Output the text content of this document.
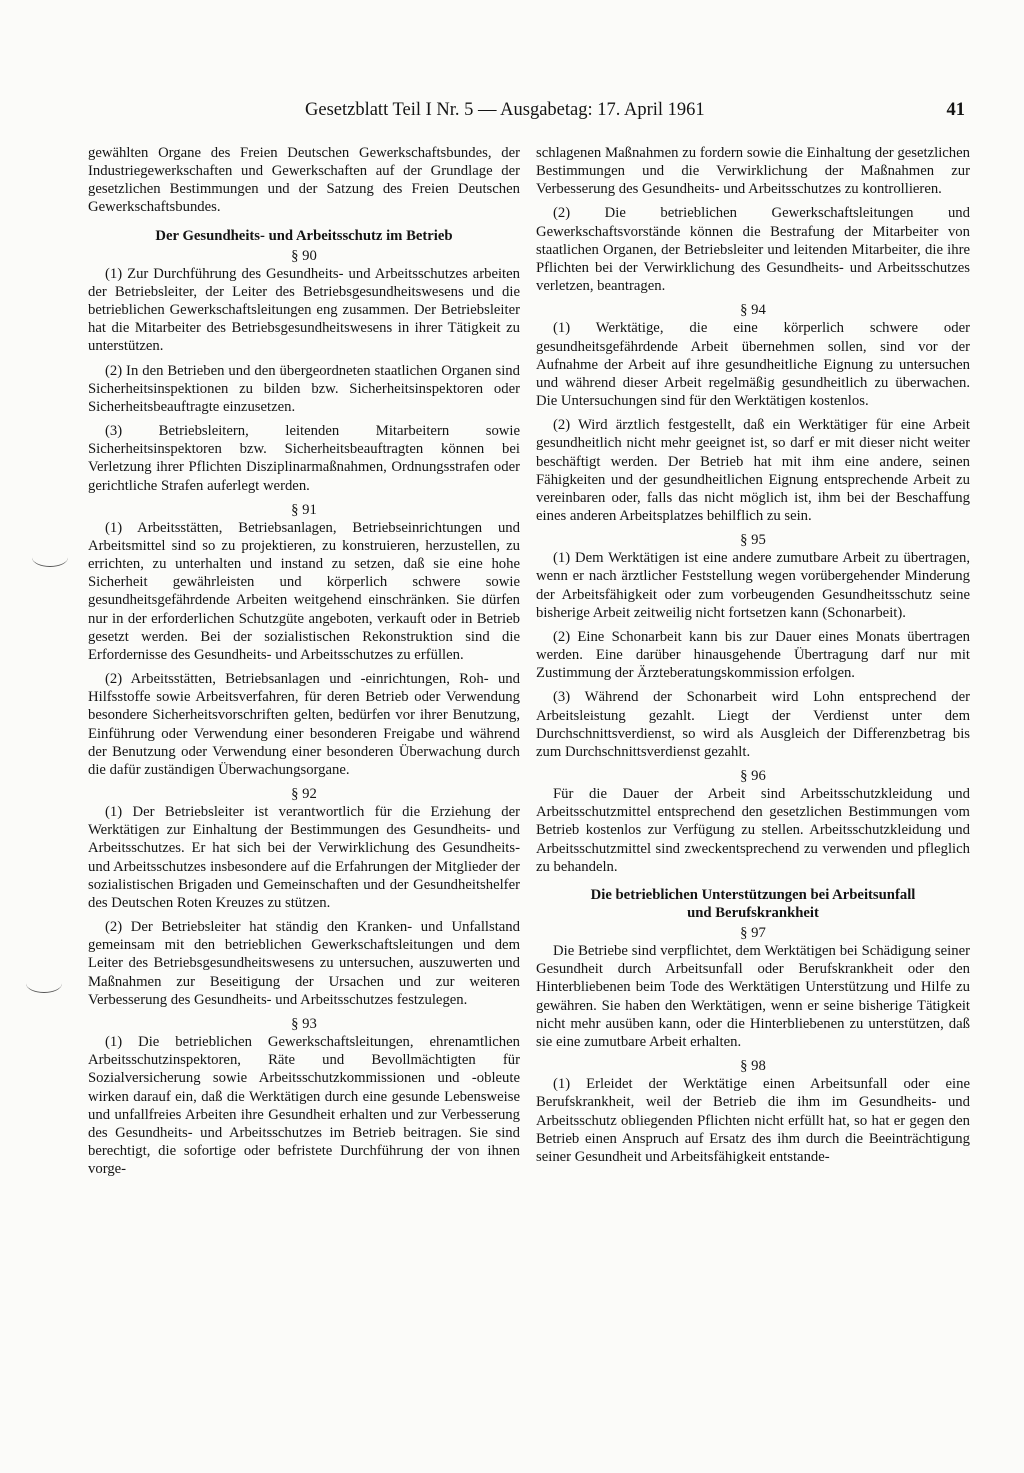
Gesetzblatt Teil I Nr. 5 — Ausgabetag: 17. April 1961	41

gewählten Organe des Freien Deutschen Gewerkschaftsbundes, der Industriegewerkschaften und Gewerkschaften auf der Grundlage der gesetzlichen Bestimmungen und der Satzung des Freien Deutschen Gewerkschaftsbundes.

Der Gesundheits- und Arbeitsschutz im Betrieb
§ 90

(1) Zur Durchführung des Gesundheits- und Arbeitsschutzes arbeiten der Betriebsleiter, der Leiter des Betriebsgesundheitswesens und die betrieblichen Gewerkschaftsleitungen eng zusammen. Der Betriebsleiter hat die Mitarbeiter des Betriebsgesundheitswesens in ihrer Tätigkeit zu unterstützen.

(2) In den Betrieben und den übergeordneten staatlichen Organen sind Sicherheitsinspektionen zu bilden bzw. Sicherheitsinspektoren oder Sicherheitsbeauftragte einzusetzen.

(3) Betriebsleitern, leitenden Mitarbeitern sowie Sicherheitsinspektoren bzw. Sicherheitsbeauftragten können bei Verletzung ihrer Pflichten Disziplinarmaßnahmen, Ordnungsstrafen oder gerichtliche Strafen auferlegt werden.

§ 91

(1) Arbeitsstätten, Betriebsanlagen, Betriebseinrichtungen und Arbeitsmittel sind so zu projektieren, zu konstruieren, herzustellen, zu errichten, zu unterhalten und instand zu setzen, daß sie eine hohe Sicherheit gewährleisten und körperlich schwere sowie gesundheitsgefährdende Arbeiten weitgehend einschränken. Sie dürfen nur in der erforderlichen Schutzgüte angeboten, verkauft oder in Betrieb gesetzt werden. Bei der sozialistischen Rekonstruktion sind die Erfordernisse des Gesundheits- und Arbeitsschutzes zu erfüllen.

(2) Arbeitsstätten, Betriebsanlagen und -einrichtungen, Roh- und Hilfsstoffe sowie Arbeitsverfahren, für deren Betrieb oder Verwendung besondere Sicherheitsvorschriften gelten, bedürfen vor ihrer Benutzung, Einführung oder Verwendung einer besonderen Freigabe und während der Benutzung oder Verwendung einer besonderen Überwachung durch die dafür zuständigen Überwachungsorgane.

§ 92

(1) Der Betriebsleiter ist verantwortlich für die Erziehung der Werktätigen zur Einhaltung der Bestimmungen des Gesundheits- und Arbeitsschutzes. Er hat sich bei der Verwirklichung des Gesundheits- und Arbeitsschutzes insbesondere auf die Erfahrungen der Mitglieder der sozialistischen Brigaden und Gemeinschaften und der Gesundheitshelfer des Deutschen Roten Kreuzes zu stützen.

(2) Der Betriebsleiter hat ständig den Kranken- und Unfallstand gemeinsam mit den betrieblichen Gewerkschaftsleitungen und dem Leiter des Betriebsgesundheitswesens zu untersuchen, auszuwerten und Maßnahmen zur Beseitigung der Ursachen und zur weiteren Verbesserung des Gesundheits- und Arbeitsschutzes festzulegen.

§ 93

(1) Die betrieblichen Gewerkschaftsleitungen, ehrenamtlichen Arbeitsschutzinspektoren, Räte und Bevollmächtigten für Sozialversicherung sowie Arbeitsschutzkommissionen und -obleute wirken darauf ein, daß die Werktätigen durch eine gesunde Lebensweise und unfallfreies Arbeiten ihre Gesundheit erhalten und zur Verbesserung des Gesundheits- und Arbeitsschutzes im Betrieb beitragen. Sie sind berechtigt, die sofortige oder befristete Durchführung der von ihnen vorge-

schlagenen Maßnahmen zu fordern sowie die Einhaltung der gesetzlichen Bestimmungen und die Verwirklichung der Maßnahmen zur Verbesserung des Gesundheits- und Arbeitsschutzes zu kontrollieren.

(2) Die betrieblichen Gewerkschaftsleitungen und Gewerkschaftsvorstände können die Bestrafung der Mitarbeiter von staatlichen Organen, der Betriebsleiter und leitenden Mitarbeiter, die ihre Pflichten bei der Verwirklichung des Gesundheits- und Arbeitsschutzes verletzen, beantragen.

§ 94

(1) Werktätige, die eine körperlich schwere oder gesundheitsgefährdende Arbeit übernehmen sollen, sind vor der Aufnahme der Arbeit auf ihre gesundheitliche Eignung zu untersuchen und während dieser Arbeit regelmäßig gesundheitlich zu überwachen. Die Untersuchungen sind für den Werktätigen kostenlos.

(2) Wird ärztlich festgestellt, daß ein Werktätiger für eine Arbeit gesundheitlich nicht mehr geeignet ist, so darf er mit dieser nicht weiter beschäftigt werden. Der Betrieb hat mit ihm eine andere, seinen Fähigkeiten und der gesundheitlichen Eignung entsprechende Arbeit zu vereinbaren oder, falls das nicht möglich ist, ihm bei der Beschaffung eines anderen Arbeitsplatzes behilflich zu sein.

§ 95

(1) Dem Werktätigen ist eine andere zumutbare Arbeit zu übertragen, wenn er nach ärztlicher Feststellung wegen vorübergehender Minderung der Arbeitsfähigkeit oder zum vorbeugenden Gesundheitsschutz seine bisherige Arbeit zeitweilig nicht fortsetzen kann (Schonarbeit).

(2) Eine Schonarbeit kann bis zur Dauer eines Monats übertragen werden. Eine darüber hinausgehende Übertragung darf nur mit Zustimmung der Ärzteberatungskommission erfolgen.

(3) Während der Schonarbeit wird Lohn entsprechend der Arbeitsleistung gezahlt. Liegt der Verdienst unter dem Durchschnittsverdienst, so wird als Ausgleich der Differenzbetrag bis zum Durchschnittsverdienst gezahlt.

§ 96

Für die Dauer der Arbeit sind Arbeitsschutzkleidung und Arbeitsschutzmittel entsprechend den gesetzlichen Bestimmungen vom Betrieb kostenlos zur Verfügung zu stellen. Arbeitsschutzkleidung und Arbeitsschutzmittel sind zweckentsprechend zu verwenden und pfleglich zu behandeln.

Die betrieblichen Unterstützungen bei Arbeitsunfall
und Berufskrankheit
§ 97

Die Betriebe sind verpflichtet, dem Werktätigen bei Schädigung seiner Gesundheit durch Arbeitsunfall oder Berufskrankheit oder den Hinterbliebenen beim Tode des Werktätigen Unterstützung und Hilfe zu gewähren. Sie haben den Werktätigen, wenn er seine bisherige Tätigkeit nicht mehr ausüben kann, oder die Hinterbliebenen zu unterstützen, daß sie eine zumutbare Arbeit erhalten.

§ 98

(1) Erleidet der Werktätige einen Arbeitsunfall oder eine Berufskrankheit, weil der Betrieb die ihm im Gesundheits- und Arbeitsschutz obliegenden Pflichten nicht erfüllt hat, so hat er gegen den Betrieb einen Anspruch auf Ersatz des ihm durch die Beeinträchtigung seiner Gesundheit und Arbeitsfähigkeit entstande-
